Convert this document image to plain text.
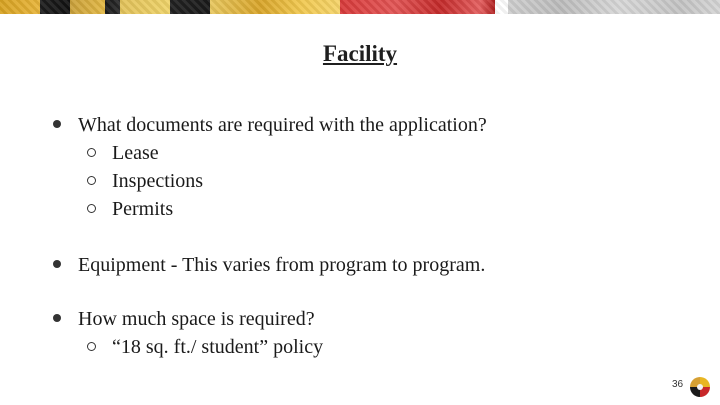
Facility
What documents are required with the application?
Lease
Inspections
Permits
Equipment - This varies from program to program.
How much space is required?
“18 sq. ft./ student” policy
36
